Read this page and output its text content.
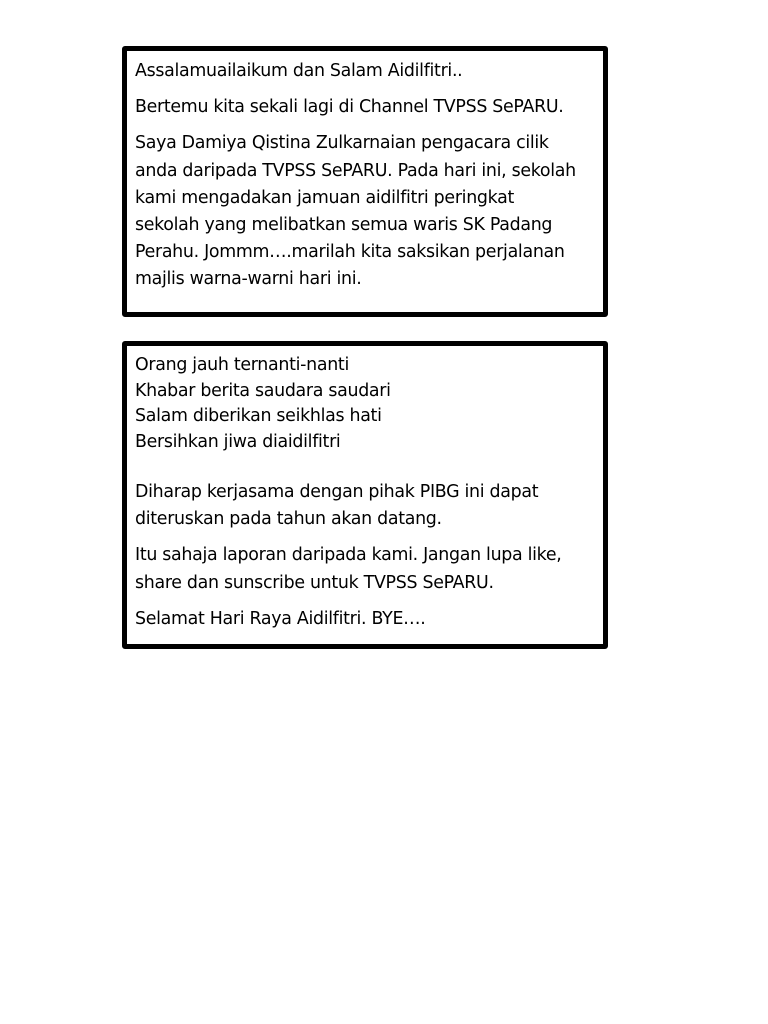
Assalamuailaikum dan Salam Aidilfitri..

Bertemu kita sekali lagi di Channel TVPSS SePARU.

Saya Damiya Qistina Zulkarnaian pengacara cilik
anda daripada TVPSS SePARU. Pada hari ini, sekolah
kami mengadakan jamuan aidilfitri peringkat
sekolah yang melibatkan semua waris SK Padang
Perahu. Jommm….marilah kita saksikan perjalanan
majlis warna-warni hari ini.

Orang jauh ternanti-nanti
Khabar berita saudara saudari
Salam diberikan seikhlas hati
Bersihkan jiwa diaidilfitri

Diharap kerjasama dengan pihak PIBG ini dapat
diteruskan pada tahun akan datang.

Itu sahaja laporan daripada kami. Jangan lupa like,
share dan sunscribe untuk TVPSS SePARU.

Selamat Hari Raya Aidilfitri. BYE….
